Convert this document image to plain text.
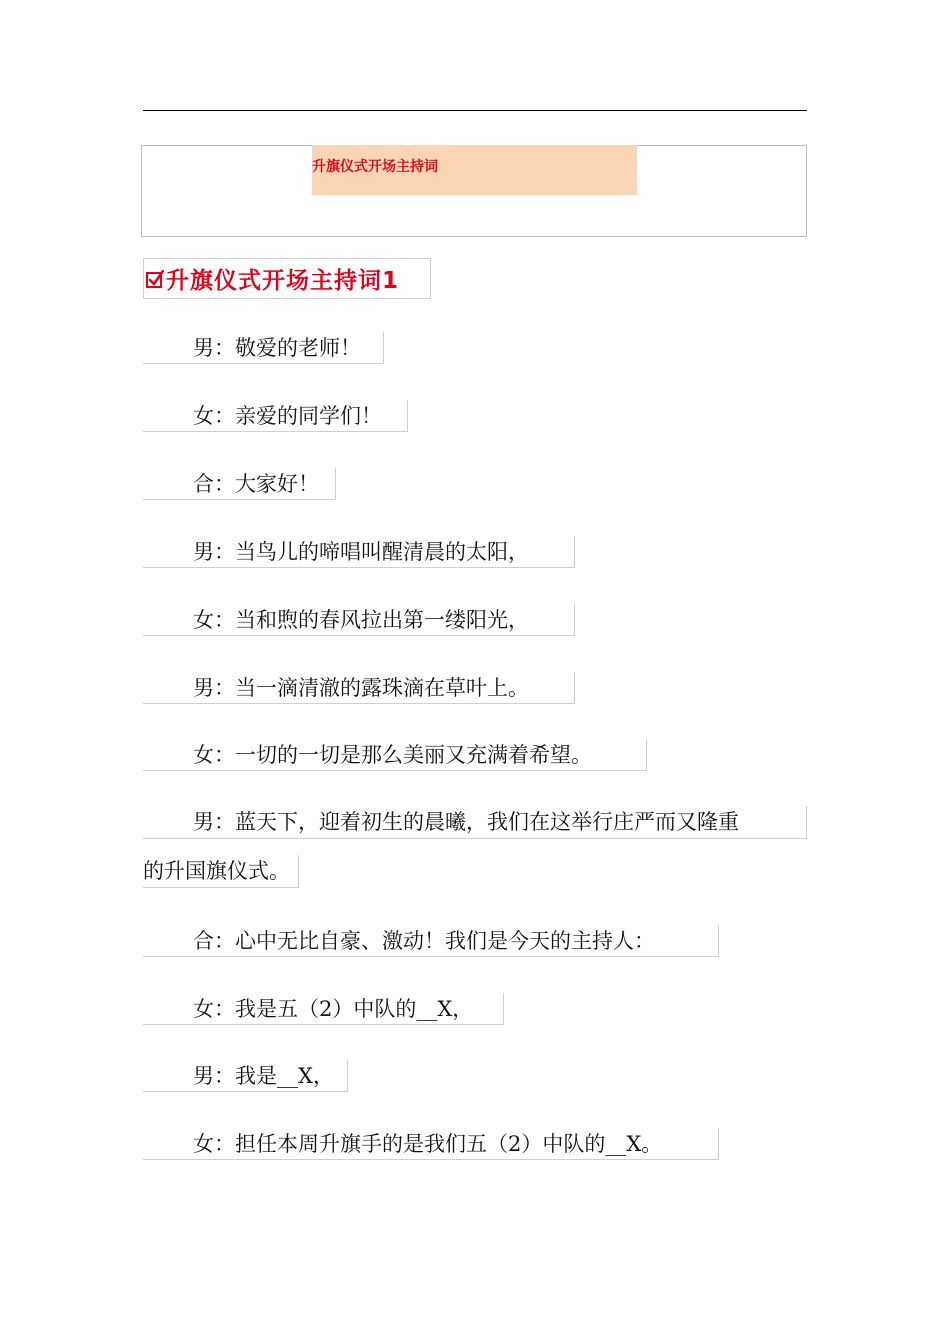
升旗仪式开场主持词
升旗仪式开场主持词1
男：敬爱的老师！
女：亲爱的同学们！
合：大家好！
男：当鸟儿的啼唱叫醒清晨的太阳，
女：当和煦的春风拉出第一缕阳光，
男：当一滴清澈的露珠滴在草叶上。
女：一切的一切是那么美丽又充满着希望。
男：蓝天下，迎着初生的晨曦，我们在这举行庄严而又隆重
的升国旗仪式。
合：心中无比自豪、激动！我们是今天的主持人：
女：我是五（2）中队的__X，
男：我是__X，
女：担任本周升旗手的是我们五（2）中队的__X。
